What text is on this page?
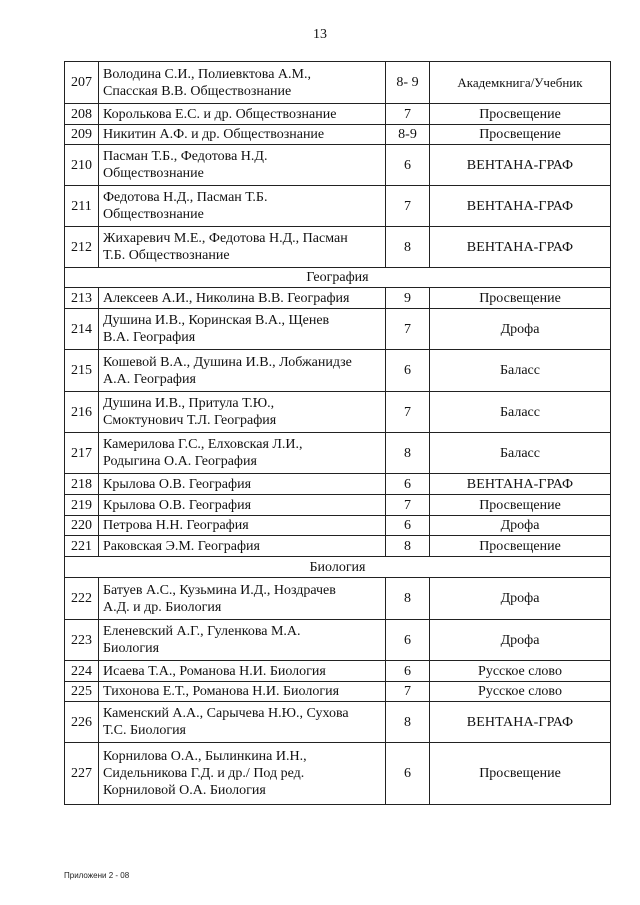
13
207	Володина С.И., Полиевктова А.М.,
Спасская В.В. Обществознание	8- 9	Академкнига/Учебник
208	Королькова Е.С. и др. Обществознание	7	Просвещение
209	Никитин А.Ф. и др. Обществознание	8-9	Просвещение
210	Пасман Т.Б., Федотова Н.Д.
Обществознание	6	ВЕНТАНА-ГРАФ
211	Федотова Н.Д., Пасман Т.Б.
Обществознание	7	ВЕНТАНА-ГРАФ
212	Жихаревич М.Е., Федотова Н.Д., Пасман
Т.Б. Обществознание	8	ВЕНТАНА-ГРАФ
География			
213	Алексеев А.И., Николина В.В. География	9	Просвещение
214	Душина И.В., Коринская В.А., Щенев
В.А. География	7	Дрофа
215	Кошевой В.А., Душина И.В., Лобжанидзе
А.А. География	6	Баласс
216	Душина И.В., Притула Т.Ю.,
Смоктунович Т.Л. География	7	Баласс
217	Камерилова Г.С., Елховская Л.И.,
Родыгина О.А. География	8	Баласс
218	Крылова О.В. География	6	ВЕНТАНА-ГРАФ
219	Крылова О.В. География	7	Просвещение
220	Петрова Н.Н. География	6	Дрофа
221	Раковская Э.М. География	8	Просвещение
Биология			
222	Батуев А.С., Кузьмина И.Д., Ноздрачев
А.Д. и др. Биология	8	Дрофа
223	Еленевский А.Г., Гуленкова М.А.
Биология	6	Дрофа
224	Исаева Т.А., Романова Н.И. Биология	6	Русское слово
225	Тихонова Е.Т., Романова Н.И. Биология	7	Русское слово
226	Каменский А.А., Сарычева Н.Ю., Сухова
Т.С. Биология	8	ВЕНТАНА-ГРАФ
227	Корнилова О.А., Былинкина И.Н.,
Сидельникова Г.Д. и др./ Под ред.
Корниловой О.А. Биология	6	Просвещение
Приложени 2 - 08
